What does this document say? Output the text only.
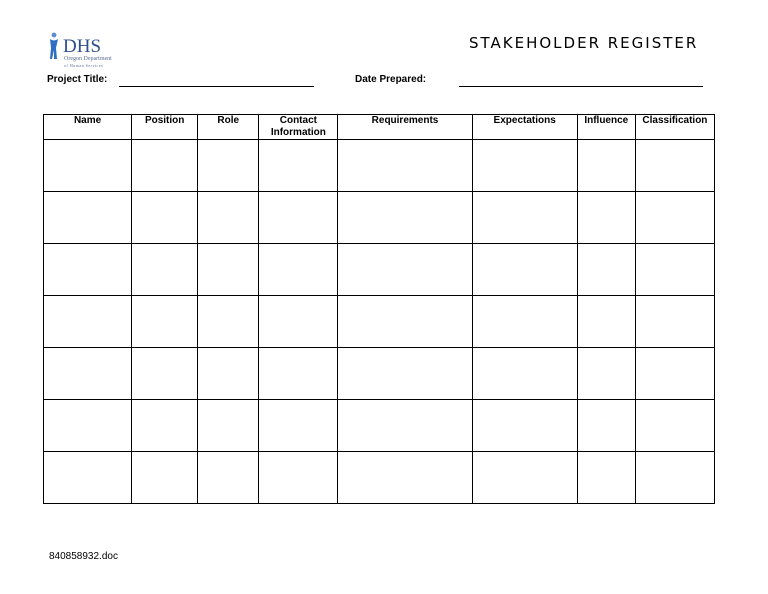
DHS
Oregon Department
of Human Services
STAKEHOLDER REGISTER
Project Title:	Date Prepared:
Name	Position	Role	Contact Information	Requirements	Expectations	Influence	Classification

840858932.doc
